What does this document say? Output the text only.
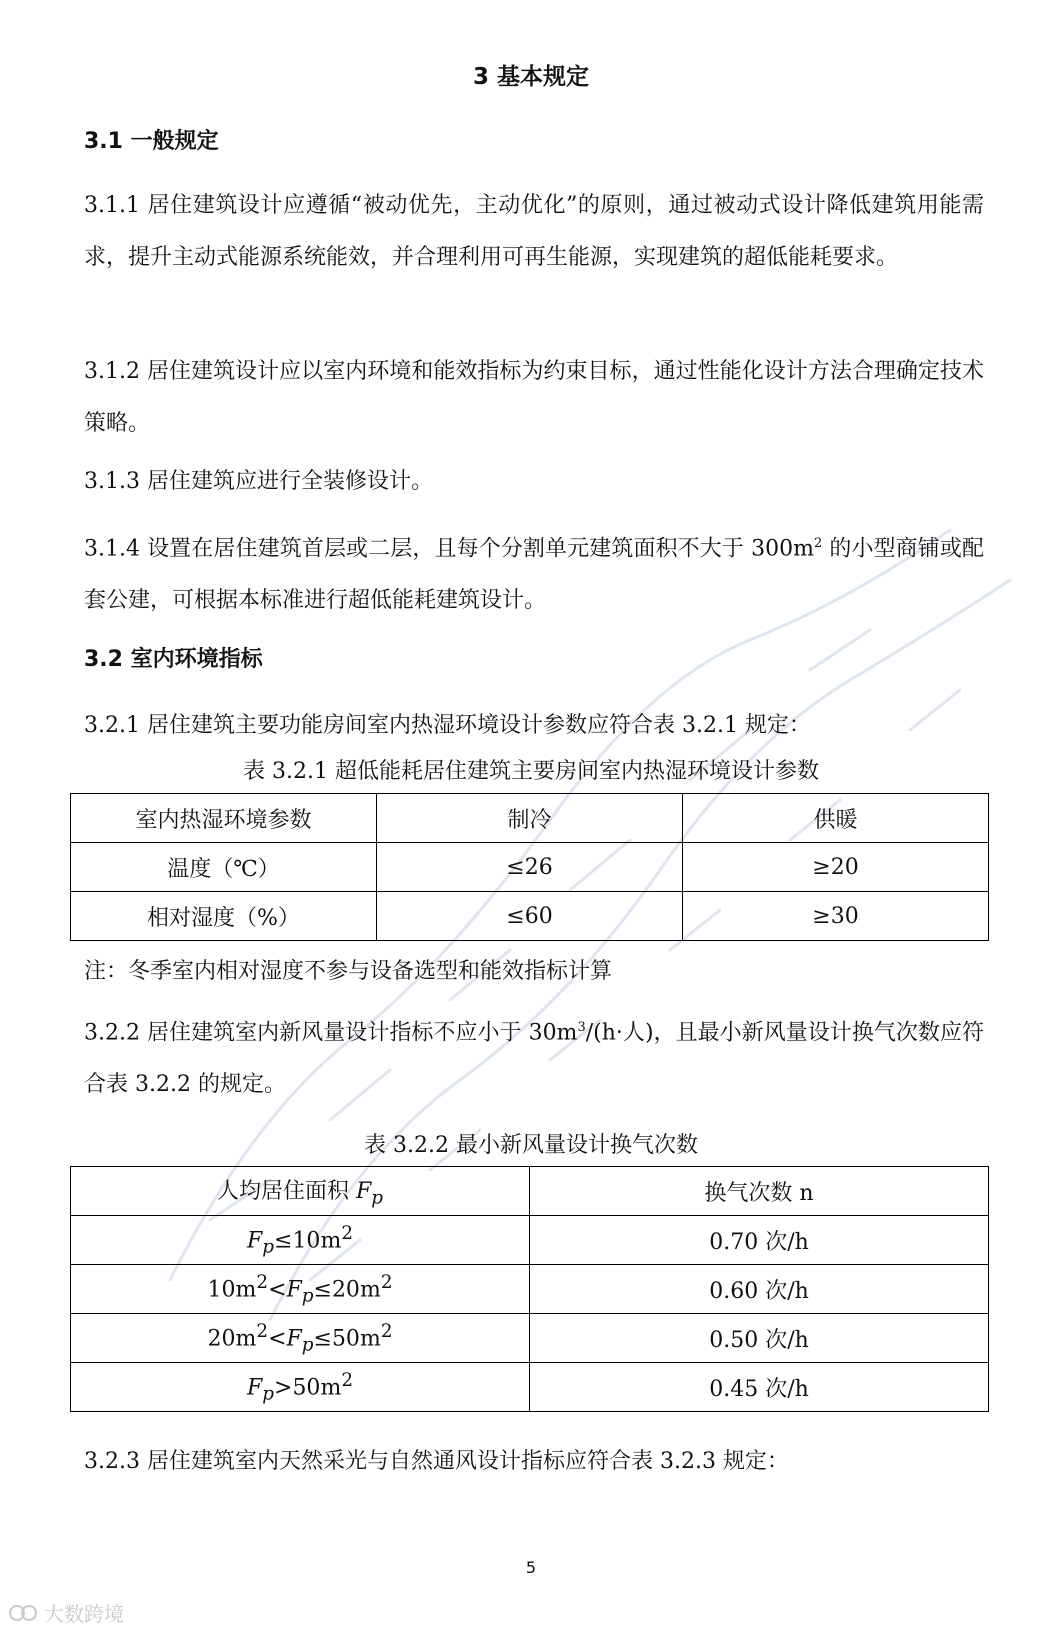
3 基本规定
3.1 一般规定

3.1.1 居住建筑设计应遵循“被动优先，主动优化”的原则，通过被动式设计降低建筑用能需求，提升主动式能源系统能效，并合理利用可再生能源，实现建筑的超低能耗要求。

3.1.2 居住建筑设计应以室内环境和能效指标为约束目标，通过性能化设计方法合理确定技术策略。

3.1.3 居住建筑应进行全装修设计。

3.1.4 设置在居住建筑首层或二层，且每个分割单元建筑面积不大于 $300m^2$ 的小型商铺或配套公建，可根据本标准进行超低能耗建筑设计。

3.2 室内环境指标
3.2.1 居住建筑主要功能房间室内热湿环境设计参数应符合表 3.2.1 规定：
表 3.2.1 超低能耗居住建筑主要房间室内热湿环境设计参数
室内热湿环境参数	制冷	供暖
温度（℃）	≤26	≥20
相对湿度（%）	≤60	≥30
注：冬季室内相对湿度不参与设备选型和能效指标计算

3.2.2 居住建筑室内新风量设计指标不应小于 $30m^3/(h\cdot$人)，且最小新风量设计换气次数应符合表 3.2.2 的规定。

表 3.2.2 最小新风量设计换气次数
人均居住面积 $F_p$	换气次数 n
$F_p\le 10m^2$	0.70 次/h
$10m^2<F_p\le 20m^2$	0.60 次/h
$20m^2<F_p\le 50m^2$	0.50 次/h
$F_p>50m^2$	0.45 次/h
3.2.3 居住建筑室内天然采光与自然通风设计指标应符合表 3.2.3 规定：
5
大数跨境
